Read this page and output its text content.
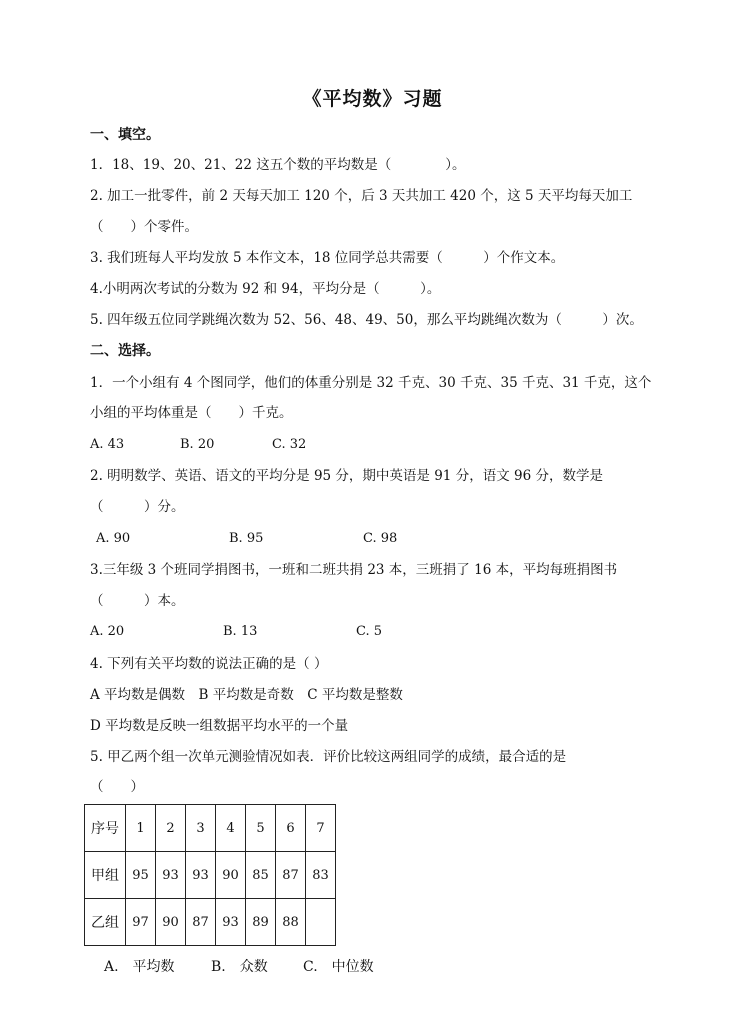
《平均数》习题
一、填空。
1．18、19、20、21、22 这五个数的平均数是（　　　　）。
2. 加工一批零件，前 2 天每天加工 120 个，后 3 天共加工 420 个，这 5 天平均每天加工
（　　）个零件。
3. 我们班每人平均发放 5 本作文本，18 位同学总共需要（　　　）个作文本。
4.小明两次考试的分数为 92 和 94，平均分是（　　　）。
5. 四年级五位同学跳绳次数为 52、56、48、49、50，那么平均跳绳次数为（　　　）次。
二、选择。
1．一个小组有 4 个图同学，他们的体重分别是 32 千克、30 千克、35 千克、31 千克，这个
小组的平均体重是（　　）千克。
A. 43	B. 20	C. 32
2. 明明数学、英语、语文的平均分是 95 分，期中英语是 91 分，语文 96 分，数学是
（　　　）分。
A. 90	B. 95	C. 98
3.三年级 3 个班同学捐图书，一班和二班共捐 23 本，三班捐了 16 本，平均每班捐图书
（　　　）本。
A. 20	B. 13	C. 5
4. 下列有关平均数的说法正确的是（ ）
A 平均数是偶数　B 平均数是奇数　C 平均数是整数
D 平均数是反映一组数据平均水平的一个量
5. 甲乙两个组一次单元测验情况如表．评价比较这两组同学的成绩，最合适的是
（　　）
序号	1	2	3	4	5	6	7
甲组	95	93	93	90	85	87	83
乙组	97	90	87	93	89	88	
A.　平均数	B.　众数	C.　中位数
